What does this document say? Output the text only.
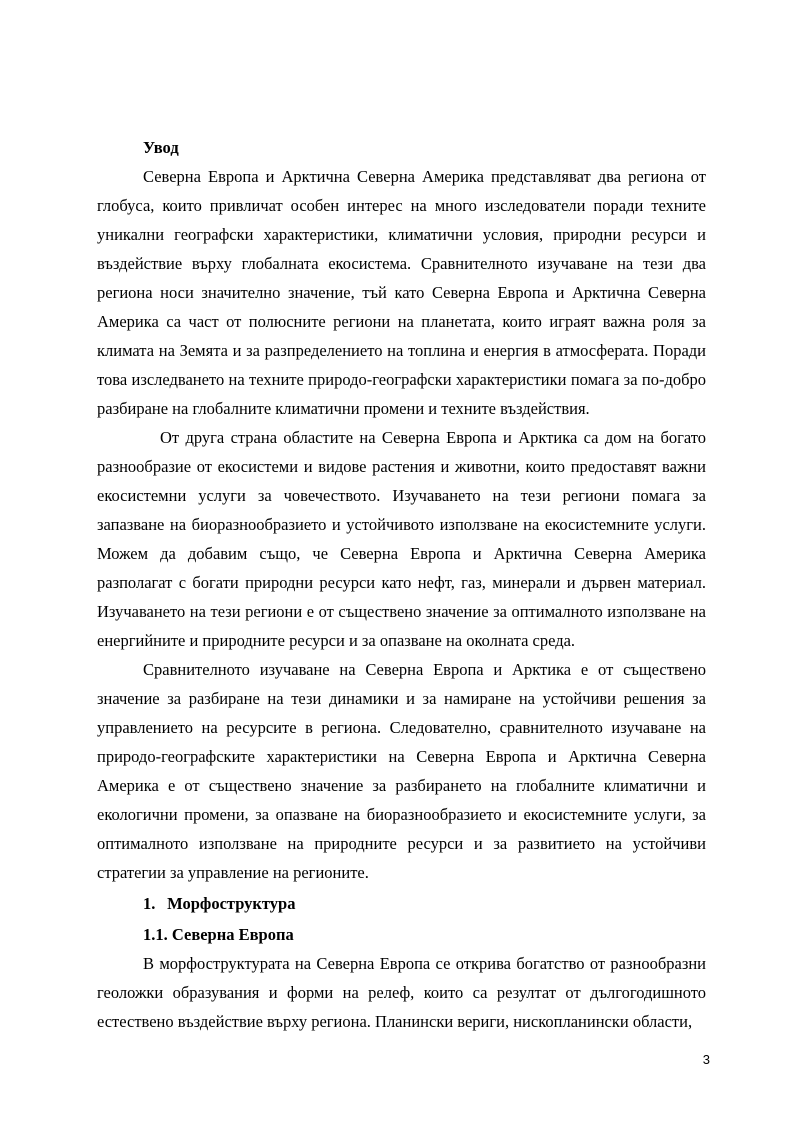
Увод

Северна Европа и Арктична Северна Америка представляват два региона от глобуса, които привличат особен интерес на много изследователи поради техните уникални географски характеристики, климатични условия, природни ресурси и въздействие върху глобалната екосистема. Сравнителното изучаване на тези два региона носи значително значение, тъй като Северна Европа и Арктична Северна Америка са част от полюсните региони на планетата, които играят важна роля за климата на Земята и за разпределението на топлина и енергия в атмосферата. Поради това изследването на техните природо-географски характеристики помага за по-добро разбиране на глобалните климатични промени и техните въздействия.

От друга страна областите на Северна Европа и Арктика са дом на богато разнообразие от екосистеми и видове растения и животни, които предоставят важни екосистемни услуги за човечеството. Изучаването на тези региони помага за запазване на биоразнообразието и устойчивото използване на екосистемните услуги. Можем да добавим също, че Северна Европа и Арктична Северна Америка разполагат с богати природни ресурси като нефт, газ, минерали и дървен материал. Изучаването на тези региони е от съществено значение за оптималното използване на енергийните и природните ресурси и за опазване на околната среда.

Сравнителното изучаване на Северна Европа и Арктика е от съществено значение за разбиране на тези динамики и за намиране на устойчиви решения за управлението на ресурсите в региона. Следователно, сравнителното изучаване на природо-географските характеристики на Северна Европа и Арктична Северна Америка е от съществено значение за разбирането на глобалните климатични и екологични промени, за опазване на биоразнообразието и екосистемните услуги, за оптималното използване на природните ресурси и за развитието на устойчиви стратегии за управление на регионите.

1. Морфоструктура
1.1. Северна Европа

В морфоструктурата на Северна Европа се открива богатство от разнообразни геоложки образувания и форми на релеф, които са резултат от дългогодишното естествено въздействие върху региона. Планински вериги, нископланински области,

3
